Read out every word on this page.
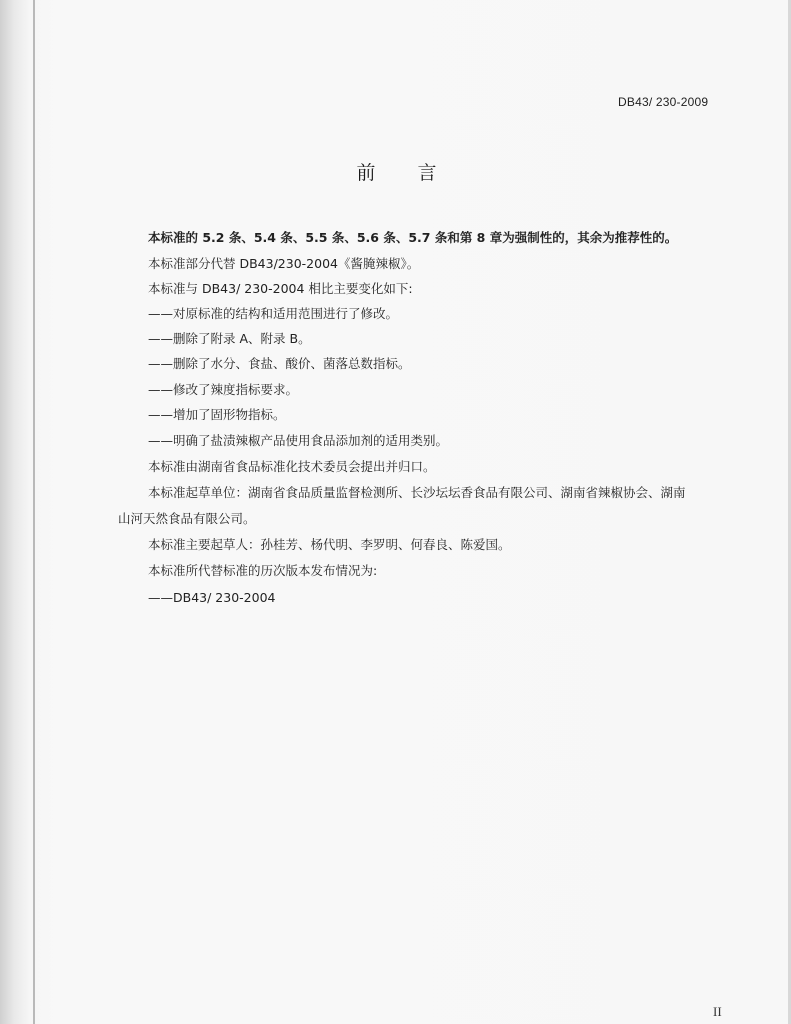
DB43/ 230-2009
前 言
本标准的 5.2 条、5.4 条、5.5 条、5.6 条、5.7 条和第 8 章为强制性的，其余为推荐性的。
本标准部分代替 DB43/230-2004《酱腌辣椒》。
本标准与 DB43/ 230-2004 相比主要变化如下:
——对原标准的结构和适用范围进行了修改。
——删除了附录 A、附录 B。
——删除了水分、食盐、酸价、菌落总数指标。
——修改了辣度指标要求。
——增加了固形物指标。
——明确了盐渍辣椒产品使用食品添加剂的适用类别。
本标准由湖南省食品标准化技术委员会提出并归口。
本标准起草单位：湖南省食品质量监督检测所、长沙坛坛香食品有限公司、湖南省辣椒协会、湖南
山河天然食品有限公司。
本标准主要起草人：孙桂芳、杨代明、李罗明、何春良、陈爱国。
本标准所代替标准的历次版本发布情况为:
——DB43/ 230-2004
II
